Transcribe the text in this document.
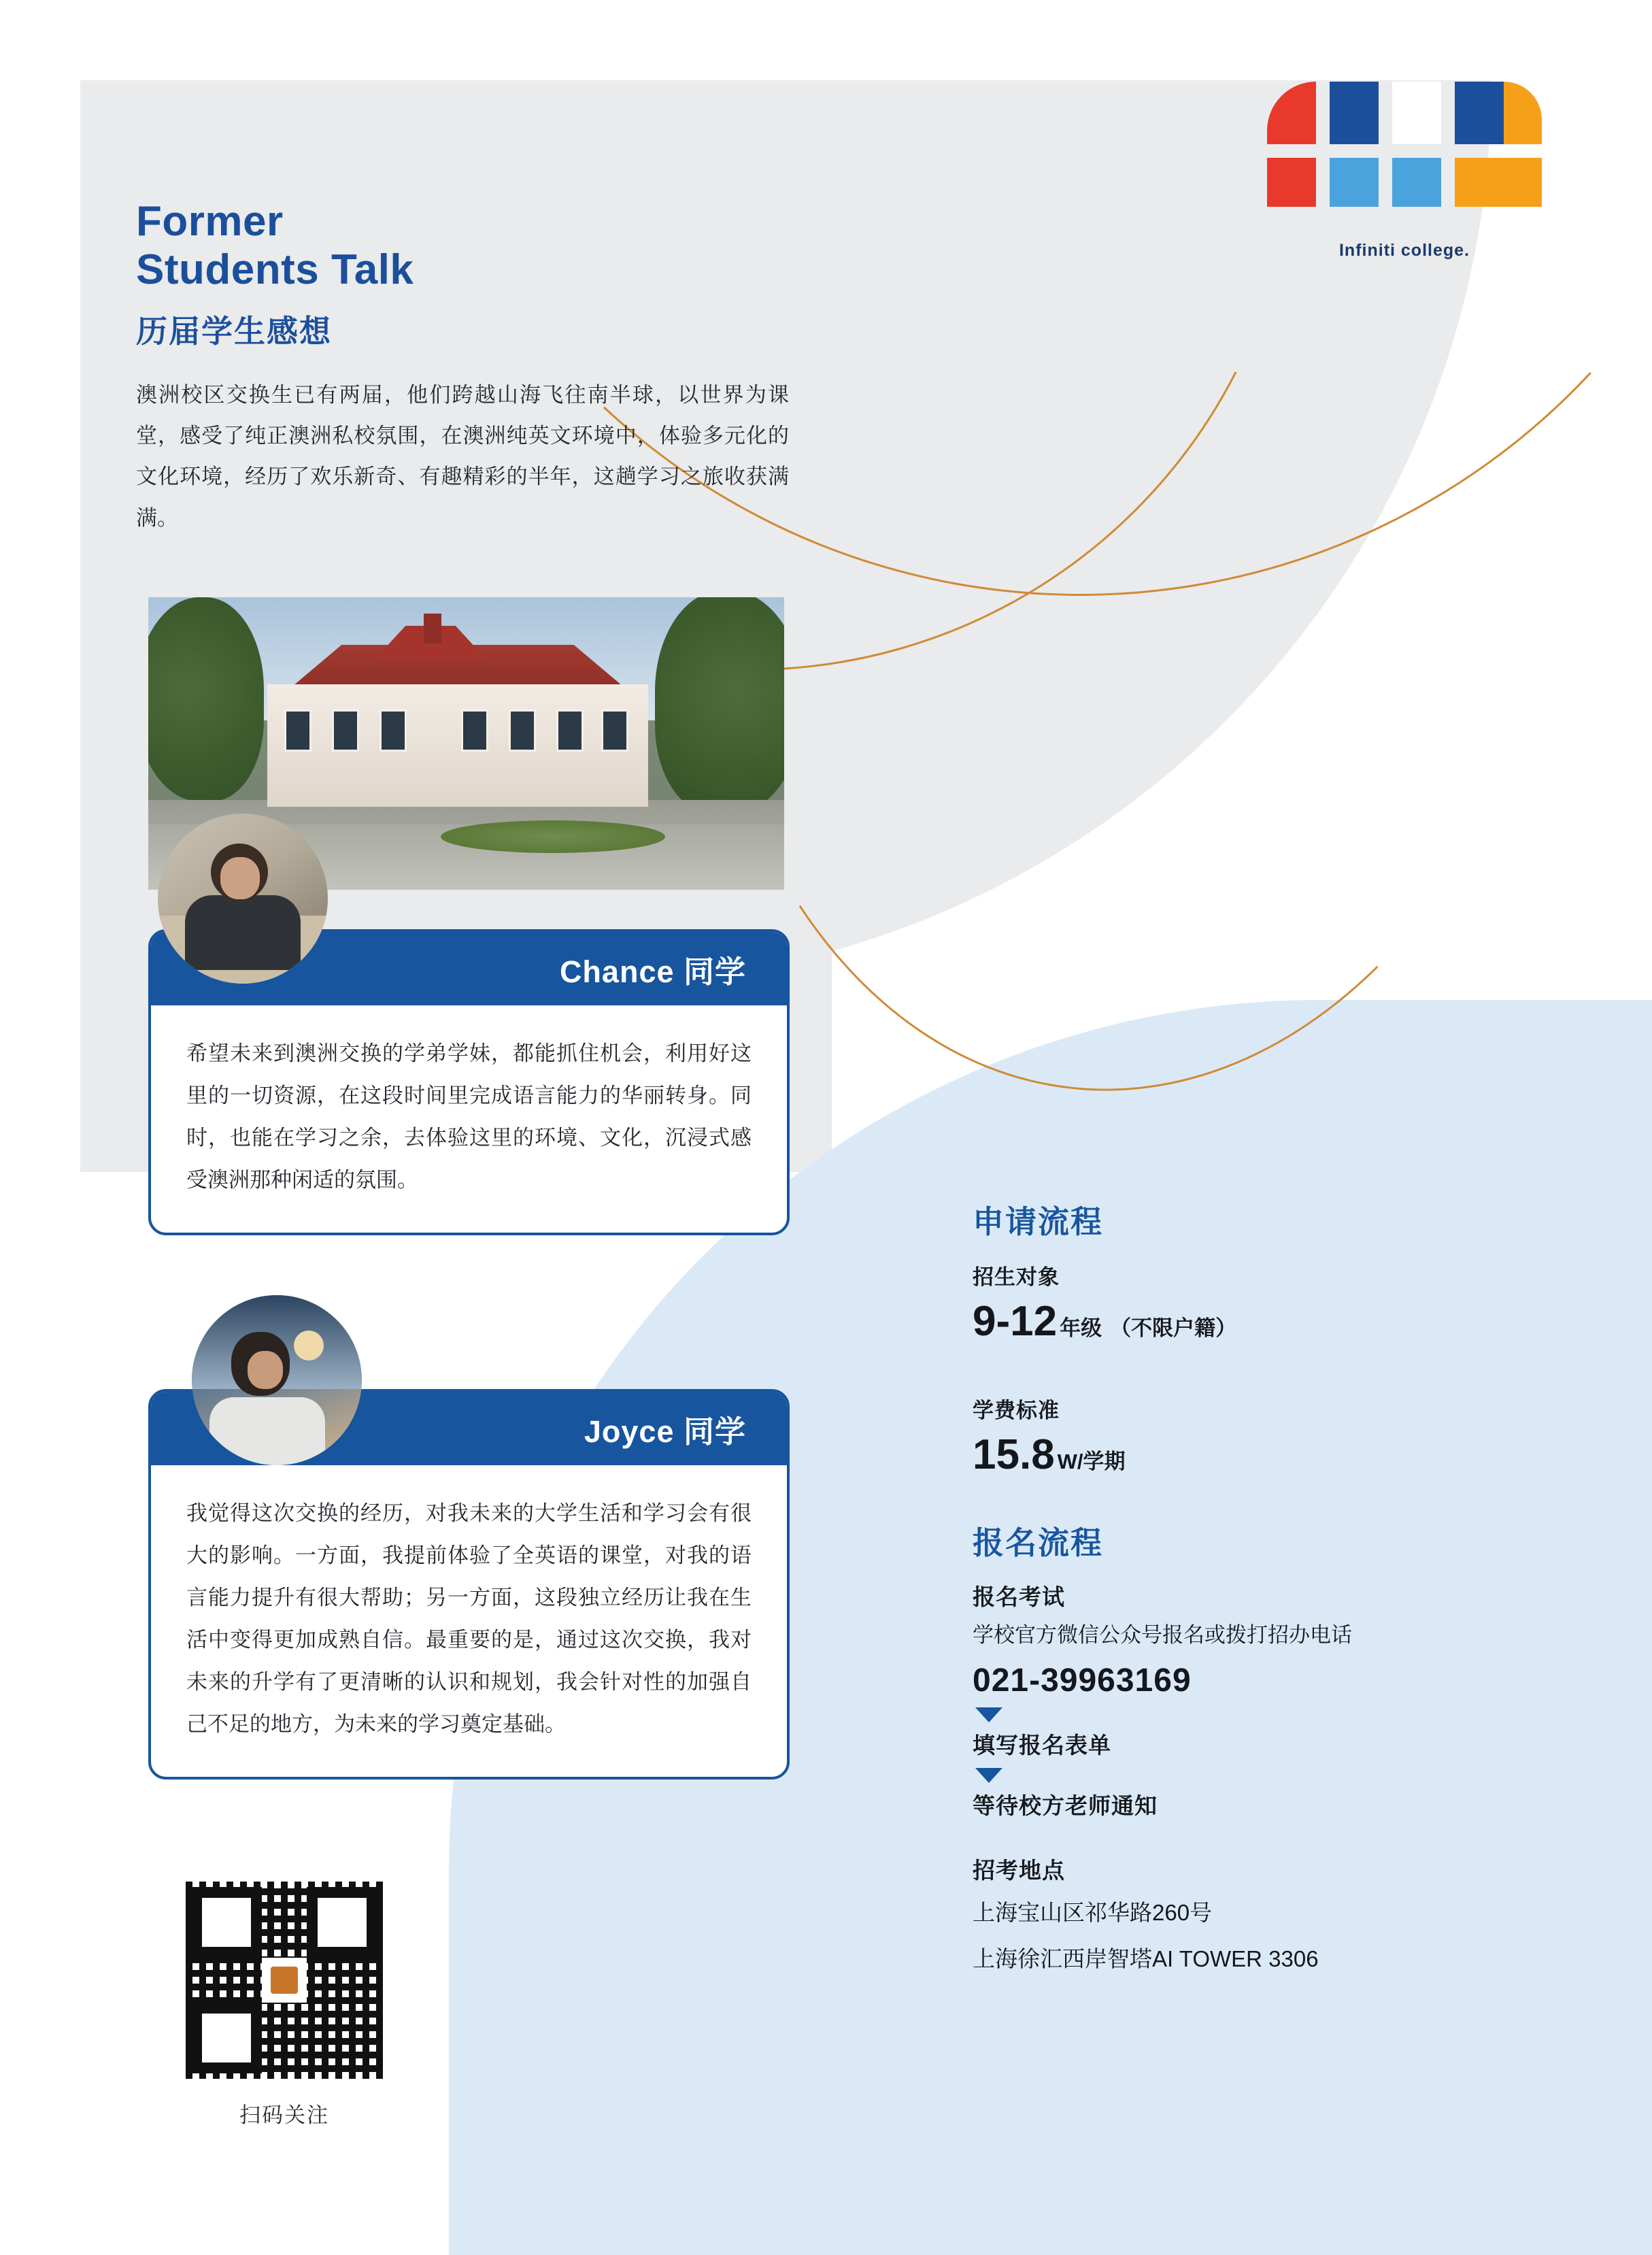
Infiniti college.
Former
Students Talk
历届学生感想
澳洲校区交换生已有两届，他们跨越山海飞往南半球，以世界为课堂，感受了纯正澳洲私校氛围，在澳洲纯英文环境中，体验多元化的文化环境，经历了欢乐新奇、有趣精彩的半年，这趟学习之旅收获满满。
Chance 同学
希望未来到澳洲交换的学弟学妹，都能抓住机会，利用好这里的一切资源，在这段时间里完成语言能力的华丽转身。同时，也能在学习之余，去体验这里的环境、文化，沉浸式感受澳洲那种闲适的氛围。
Joyce 同学
我觉得这次交换的经历，对我未来的大学生活和学习会有很大的影响。一方面，我提前体验了全英语的课堂，对我的语言能力提升有很大帮助；另一方面，这段独立经历让我在生活中变得更加成熟自信。最重要的是，通过这次交换，我对未来的升学有了更清晰的认识和规划，我会针对性的加强自己不足的地方，为未来的学习奠定基础。
扫码关注
申请流程
招生对象
9-12 年级 （不限户籍）
学费标准
15.8 W/学期
报名流程
报名考试
学校官方微信公众号报名或拨打招办电话
021-39963169
填写报名表单
等待校方老师通知
招考地点
上海宝山区祁华路260号
上海徐汇西岸智塔AI TOWER 3306
